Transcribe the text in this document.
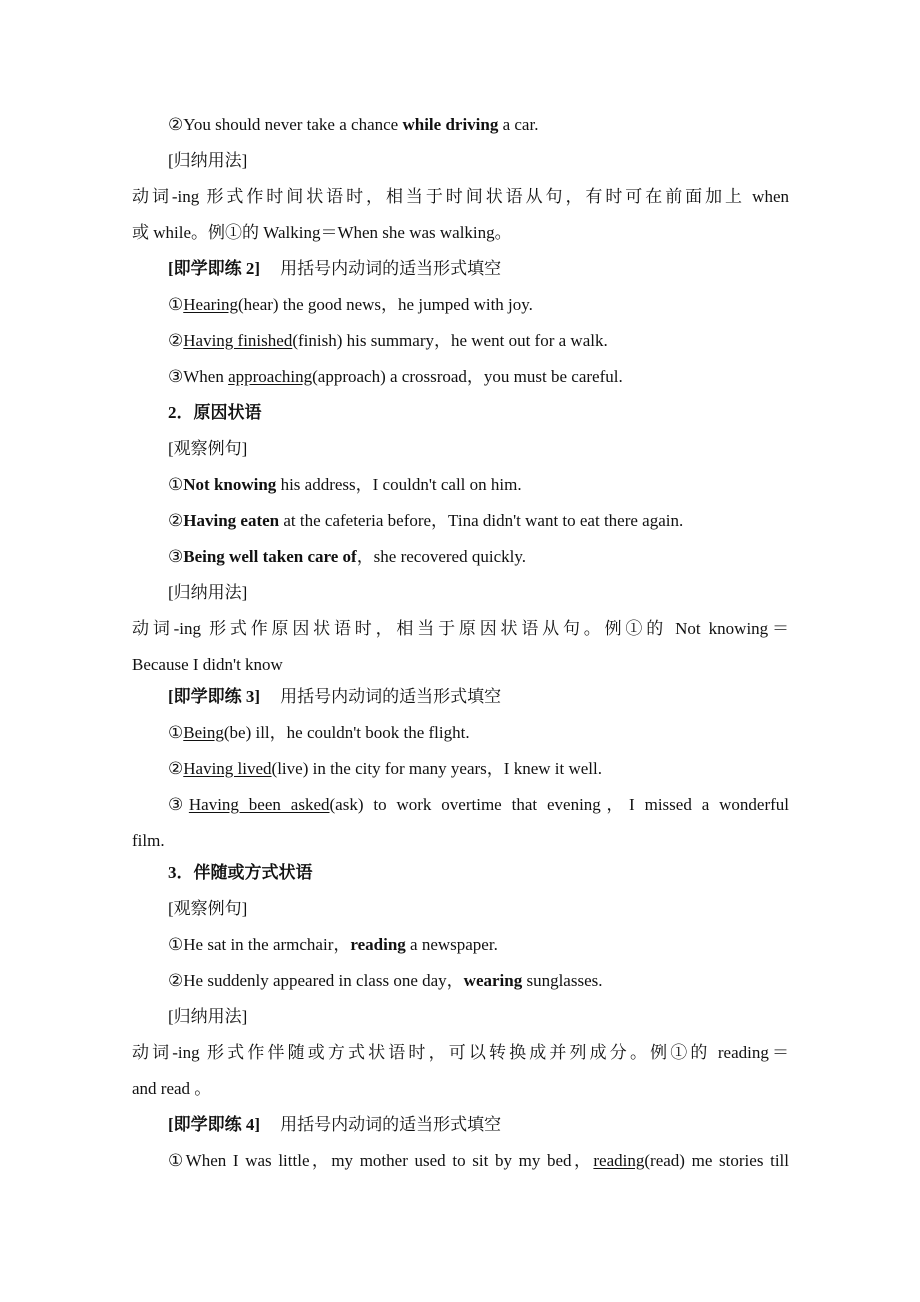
②You should never take a chance while driving a car.
[归纳用法]
动词-ing 形式作时间状语时，相当于时间状语从句，有时可在前面加上 when
或 while。例①的 Walking＝When she was walking。
[即学即练 2] 用括号内动词的适当形式填空
①Hearing(hear) the good news，he jumped with joy.
②Having finished(finish) his summary，he went out for a walk.
③When approaching(approach) a crossroad，you must be careful.
2．原因状语
[观察例句]
①Not knowing his address，I couldn't call on him.
②Having eaten at the cafeteria before，Tina didn't want to eat there again.
③Being well taken care of，she recovered quickly.
[归纳用法]
动词-ing 形式作原因状语时，相当于原因状语从句。例①的 Not knowing＝
Because I didn't know
[即学即练 3] 用括号内动词的适当形式填空
①Being(be) ill，he couldn't book the flight.
②Having lived(live) in the city for many years，I knew it well.
③Having been asked(ask) to work overtime that evening，I missed a wonderful
film.
3．伴随或方式状语
[观察例句]
①He sat in the armchair，reading a newspaper.
②He suddenly appeared in class one day，wearing sunglasses.
[归纳用法]
动词-ing 形式作伴随或方式状语时，可以转换成并列成分。例①的 reading＝
and read 。
[即学即练 4] 用括号内动词的适当形式填空
①When I was little，my mother used to sit by my bed，reading(read) me stories till
